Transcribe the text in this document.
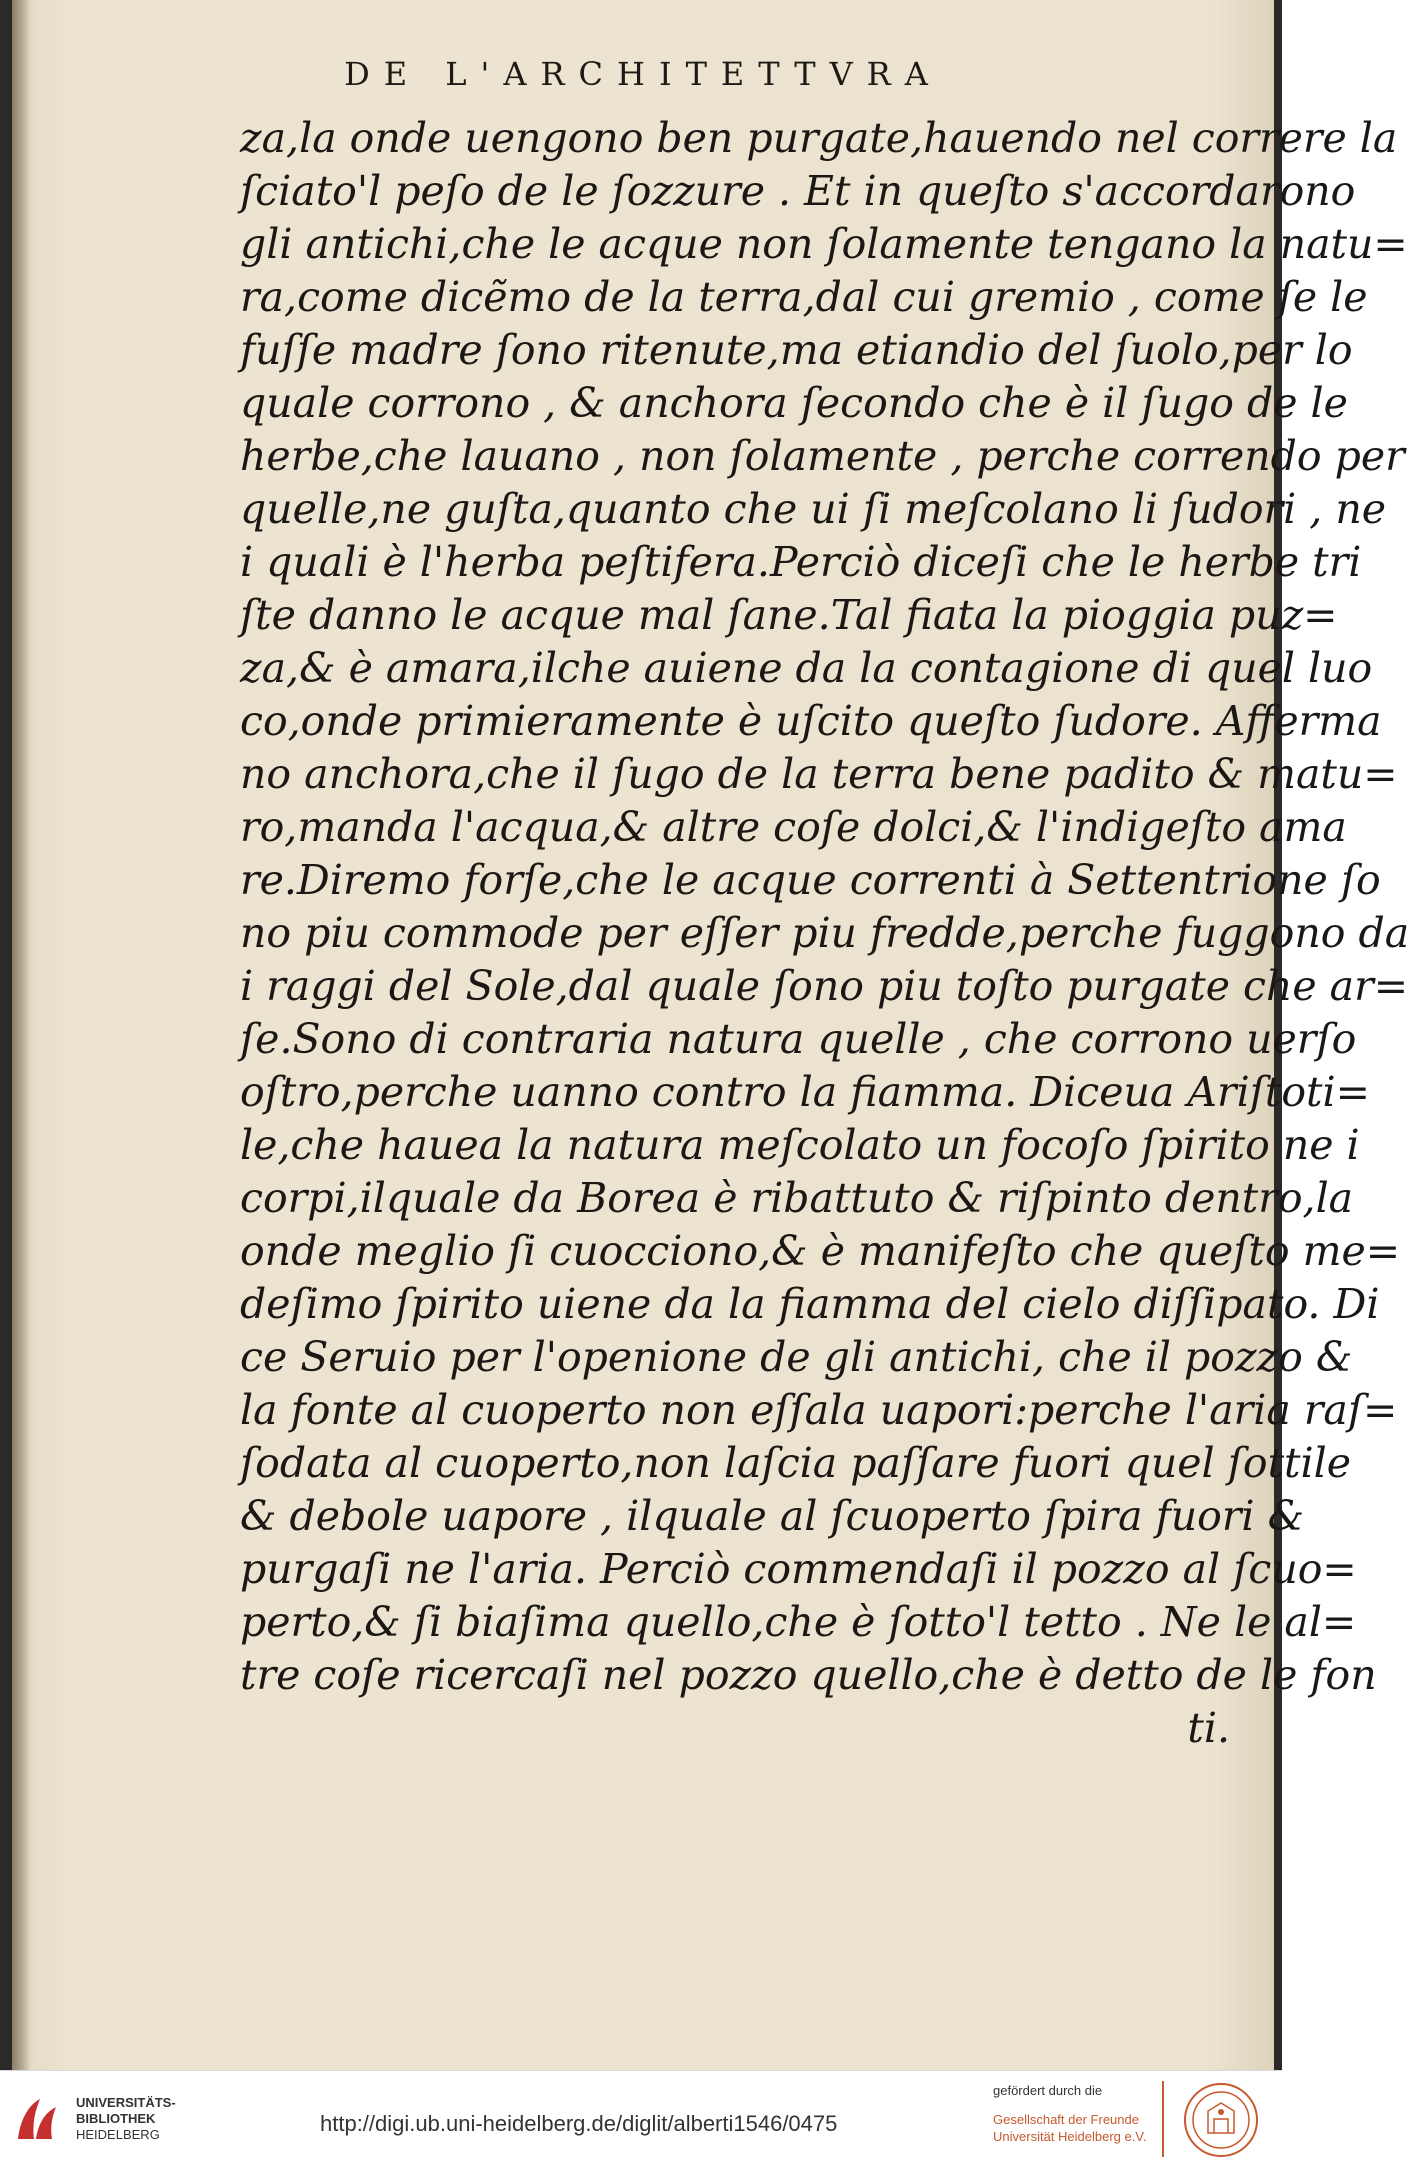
DE L'ARCHITETTVRA
za,la onde uengono ben purgate,hauendo nel correre la
ſciato'l peſo de le ſozzure . Et in queſto s'accordarono
gli antichi,che le acque non ſolamente tengano la natu=
ra,come dicẽmo de la terra,dal cui gremio , come ſe le
fuſſe madre ſono ritenute,ma etiandio del ſuolo,per lo
quale corrono , & anchora ſecondo che è il ſugo de le
herbe,che lauano , non ſolamente , perche correndo per
quelle,ne guſta,quanto che ui ſi meſcolano li ſudori , ne
i quali è l'herba peſtifera.Perciò diceſi che le herbe tri
ſte danno le acque mal ſane.Tal fiata la pioggia puz=
za,& è amara,ilche auiene da la contagione di quel luo
co,onde primieramente è uſcito queſto ſudore. Afferma
no anchora,che il ſugo de la terra bene padito & matu=
ro,manda l'acqua,& altre coſe dolci,& l'indigeſto ama
re.Diremo forſe,che le acque correnti à Settentrione ſo
no piu commode per eſſer piu fredde,perche fuggono da
i raggi del Sole,dal quale ſono piu toſto purgate che ar=
ſe.Sono di contraria natura quelle , che corrono uerſo
oſtro,perche uanno contro la fiamma. Diceua Ariſtoti=
le,che hauea la natura meſcolato un focoſo ſpirito ne i
corpi,ilquale da Borea è ribattuto & riſpinto dentro,la
onde meglio ſi cuocciono,& è manifeſto che queſto me=
deſimo ſpirito uiene da la fiamma del cielo diſſipato. Di
ce Seruio per l'openione de gli antichi, che il pozzo &
la fonte al cuoperto non eſſala uapori:perche l'aria raſ=
ſodata al cuoperto,non laſcia paſſare fuori quel ſottile
& debole uapore , ilquale al ſcuoperto ſpira fuori &
purgaſi ne l'aria. Perciò commendaſi il pozzo al ſcuo=
perto,& ſi biaſima quello,che è ſotto'l tetto . Ne le al=
tre coſe ricercaſi nel pozzo quello,che è detto de le fon
ti.
UNIVERSITÄTS-
BIBLIOTHEK
HEIDELBERG	http://digi.ub.uni-heidelberg.de/diglit/alberti1546/0475
gefördert durch die
Gesellschaft der Freunde
Universität Heidelberg e.V.
